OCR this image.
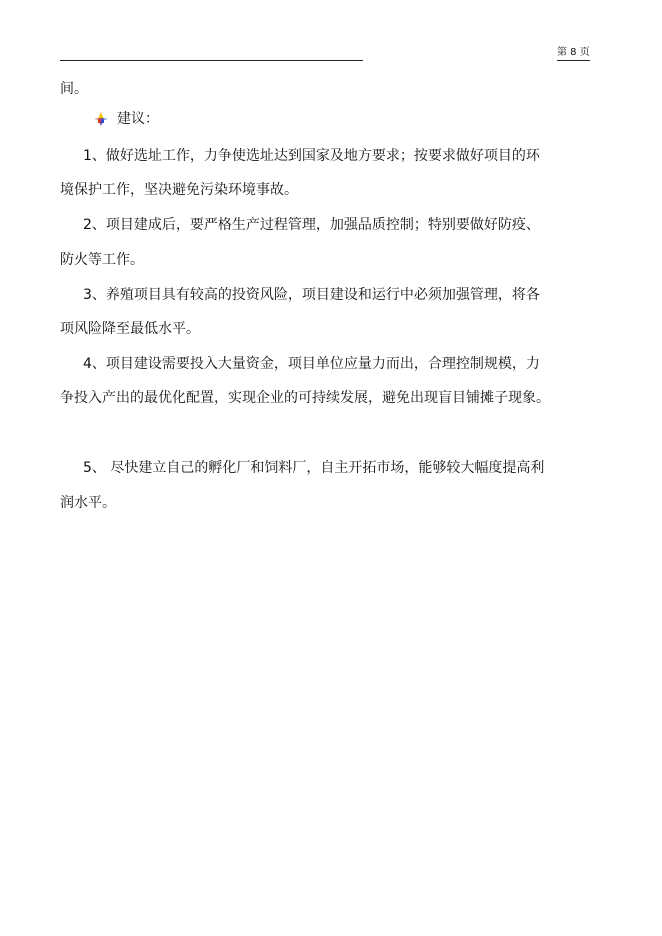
第 8 页
间。
建议：
1、做好选址工作，力争使选址达到国家及地方要求；按要求做好项目的环
境保护工作，坚决避免污染环境事故。
2、项目建成后，要严格生产过程管理，加强品质控制；特别要做好防疫、
防火等工作。
3、养殖项目具有较高的投资风险，项目建设和运行中必须加强管理，将各
项风险降至最低水平。
4、项目建设需要投入大量资金，项目单位应量力而出，合理控制规模，力
争投入产出的最优化配置，实现企业的可持续发展，避免出现盲目铺摊子现象。
5、 尽快建立自己的孵化厂和饲料厂，自主开拓市场，能够较大幅度提高利
润水平。
